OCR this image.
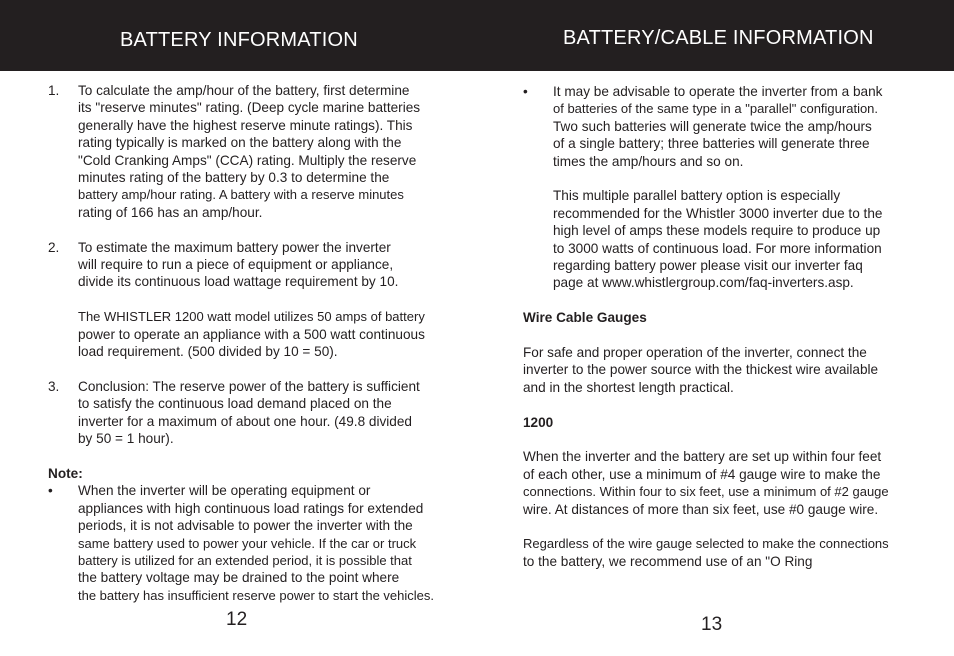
BATTERY INFORMATION	BATTERY/CABLE INFORMATION
1. To calculate the amp/hour of the battery, first determine

its "reserve minutes" rating. (Deep cycle marine batteries

generally have the highest reserve minute ratings). This

rating typically is marked on the battery along with the

"Cold Cranking Amps" (CCA) rating. Multiply the reserve

minutes rating of the battery by 0.3 to determine the

battery amp/hour rating. A battery with a reserve minutes

rating of 166 has an amp/hour.

2. To estimate the maximum battery power the inverter

will require to run a piece of equipment or appliance,

divide its continuous load wattage requirement by 10.

The WHISTLER 1200 watt model utilizes 50 amps of battery

power to operate an appliance with a 500 watt continuous

load requirement. (500 divided by 10 = 50).

3. Conclusion: The reserve power of the battery is sufficient

to satisfy the continuous load demand placed on the

inverter for a maximum of about one hour. (49.8 divided

by 50 = 1 hour).

Note:

• When the inverter will be operating equipment or

appliances with high continuous load ratings for extended

periods, it is not advisable to power the inverter with the

same battery used to power your vehicle. If the car or truck

battery is utilized for an extended period, it is possible that

the battery voltage may be drained to the point where

the battery has insufficient reserve power to start the vehicles.

12
• It may be advisable to operate the inverter from a bank

of batteries of the same type in a "parallel" configuration.

Two such batteries will generate twice the amp/hours

of a single battery; three batteries will generate three

times the amp/hours and so on.

This multiple parallel battery option is especially

recommended for the Whistler 3000 inverter due to the

high level of amps these models require to produce up

to 3000 watts of continuous load. For more information

regarding battery power please visit our inverter faq

page at www.whistlergroup.com/faq-inverters.asp.

Wire Cable Gauges

For safe and proper operation of the inverter, connect the

inverter to the power source with the thickest wire available

and in the shortest length practical.

1200

When the inverter and the battery are set up within four feet

of each other, use a minimum of #4 gauge wire to make the

connections. Within four to six feet, use a minimum of #2 gauge

wire. At distances of more than six feet, use #0 gauge wire.

Regardless of the wire gauge selected to make the connections

to the battery, we recommend use of an "O Ring

13
